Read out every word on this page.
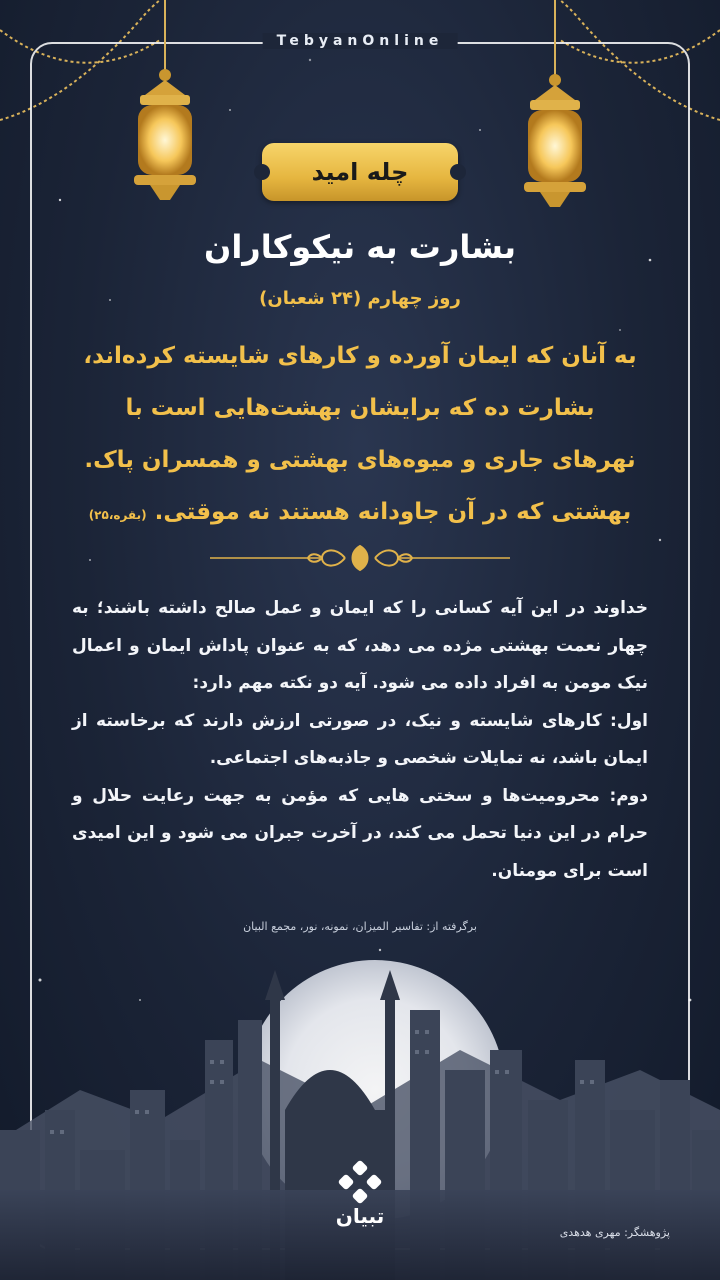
TebyanOnline
چله امید
بشارت به نیکوکاران
روز چهارم (۲۴ شعبان)
به آنان که ایمان آورده و کارهای شایسته کرده‌اند،
بشارت ده که برایشان بهشت‌هایی است با
نهرهای جاری و میوه‌های بهشتی و همسران پاک.
بهشتی که در آن جاودانه هستند نه موقتی. (بقره،۲۵)

خداوند در این آیه کسانی را که ایمان و عمل صالح داشته باشند؛ به چهار نعمت بهشتی مژده می دهد، که به عنوان پاداش ایمان و اعمال نیک مومن به افراد داده می شود. آیه دو نکته مهم دارد:

اول: کارهای شایسته و نیک، در صورتی ارزش دارند که برخاسته از ایمان باشد، نه تمایلات شخصی و جاذبه‌های اجتماعی.

دوم: محرومیت‌ها و سختی هایی که مؤمن به جهت رعایت حلال و حرام در این دنیا تحمل می کند، در آخرت جبران می شود و این امیدی است برای مومنان.

برگرفته از: تفاسیر المیزان، نمونه، نور، مجمع البیان
تبیان
پژوهشگر: مهری هدهدی
